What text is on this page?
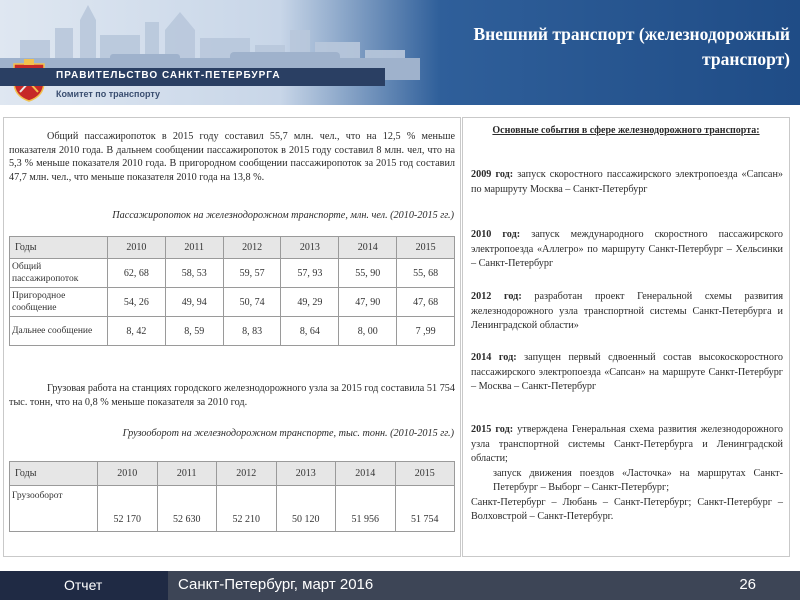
ПРАВИТЕЛЬСТВО САНКТ-ПЕТЕРБУРГА
Комитет по транспорту
Внешний транспорт (железнодорожный транспорт)
Общий пассажиропоток в 2015 году составил 55,7 млн. чел., что на 12,5 % меньше показателя 2010 года. В дальнем сообщении пассажиропоток в 2015 году составил 8 млн. чел, что на 5,3 % меньше показателя 2010 года. В пригородном сообщении пассажиропоток за 2015 год составил 47,7 млн. чел., что меньше показателя 2010 года на 13,8 %.
Пассажиропоток на железнодорожном транспорте, млн. чел. (2010-2015 гг.)
Годы	2010	2011	2012	2013	2014	2015
Общий пассажиропоток	62, 68	58, 53	59, 57	57, 93	55, 90	55, 68
Пригородное сообщение	54, 26	49, 94	50, 74	49, 29	47, 90	47, 68
Дальнее сообщение	8, 42	8, 59	8, 83	8, 64	8, 00	7 ,99
Грузовая работа на станциях городского железнодорожного узла за 2015 год составила 51 754 тыс. тонн, что на 0,8 % меньше показателя за 2010 год.
Грузооборот на железнодорожном транспорте, тыс. тонн. (2010-2015 гг.)
Годы	2010	2011	2012	2013	2014	2015
Грузооборот	52 170	52 630	52 210	50 120	51 956	51 754
Основные события в сфере железнодорожного транспорта:
2009 год: запуск скоростного пассажирского электропоезда «Сапсан» по маршруту Москва – Санкт-Петербург
2010 год: запуск международного скоростного пассажирского электропоезда «Аллегро» по маршруту Санкт-Петербург – Хельсинки – Санкт-Петербург
2012 год: разработан проект Генеральной схемы развития железнодорожного узла транспортной системы Санкт-Петербурга и Ленинградской области»
2014 год: запущен первый сдвоенный состав высокоскоростного пассажирского электропоезда «Сапсан» на маршруте Санкт-Петербург – Москва – Санкт-Петербург
2015 год: утверждена Генеральная схема развития железнодорожного узла транспортной системы Санкт-Петербурга и Ленинградской области;
запуск движения поездов «Ласточка» на маршрутах Санкт-Петербург – Выборг – Санкт-Петербург;
Санкт-Петербург – Любань – Санкт-Петербург; Санкт-Петербург – Волховстрой – Санкт-Петербург.
Отчет	Санкт-Петербург, март 2016	26
